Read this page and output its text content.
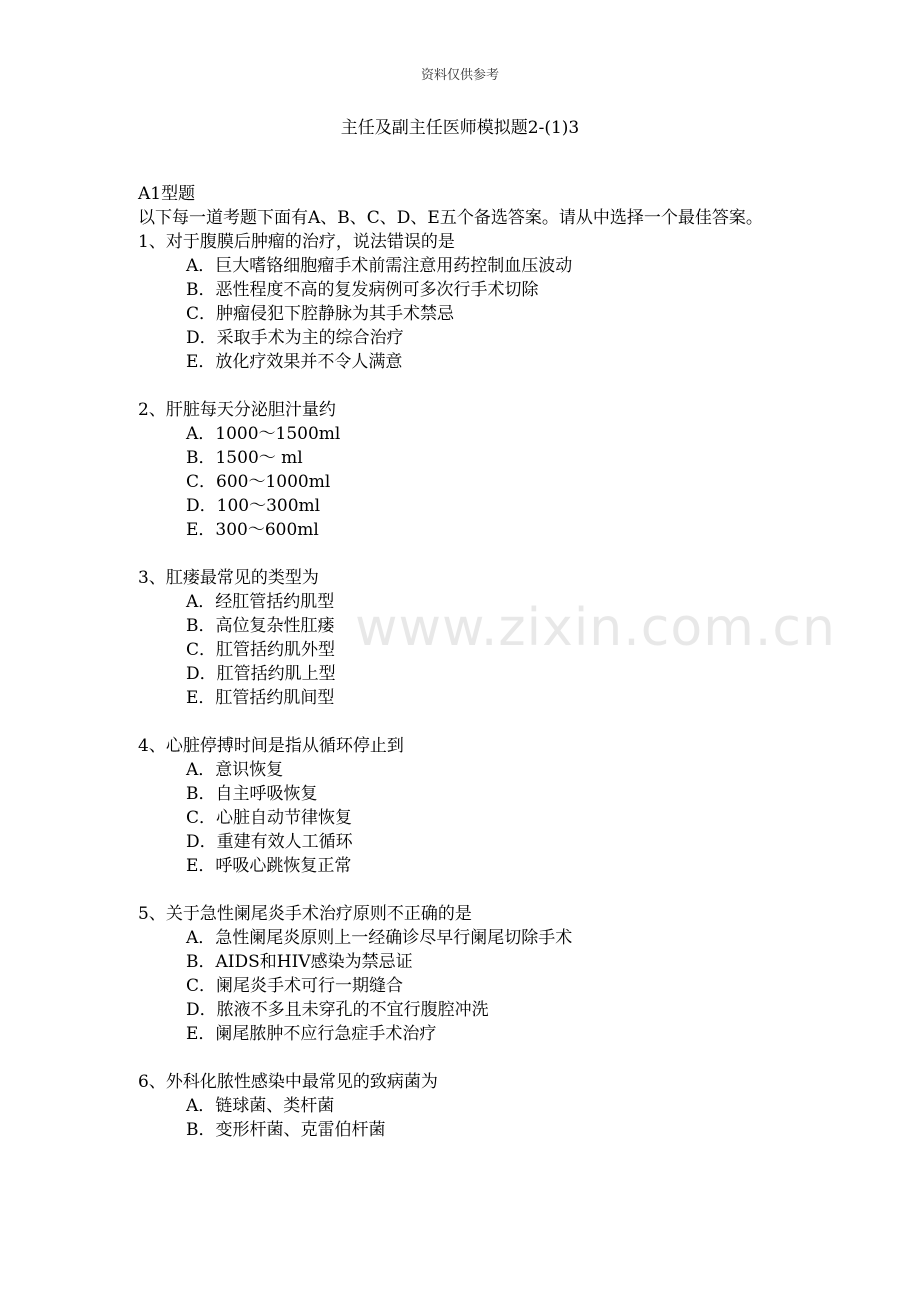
资料仅供参考
主任及副主任医师模拟题2-(1)3

A1型题

以下每一道考题下面有A、B、C、D、E五个备选答案。请从中选择一个最佳答案。

1、对于腹膜后肿瘤的治疗，说法错误的是

A．巨大嗜铬细胞瘤手术前需注意用药控制血压波动

B．恶性程度不高的复发病例可多次行手术切除

C．肿瘤侵犯下腔静脉为其手术禁忌

D．采取手术为主的综合治疗

E．放化疗效果并不令人满意

2、肝脏每天分泌胆汁量约

A．1000～1500ml

B．1500～ ml

C．600～1000ml

D．100～300ml

E．300～600ml

3、肛瘘最常见的类型为

A．经肛管括约肌型

B．高位复杂性肛瘘

C．肛管括约肌外型

D．肛管括约肌上型

E．肛管括约肌间型

4、心脏停搏时间是指从循环停止到

A．意识恢复

B．自主呼吸恢复

C．心脏自动节律恢复

D．重建有效人工循环

E．呼吸心跳恢复正常

5、关于急性阑尾炎手术治疗原则不正确的是

A．急性阑尾炎原则上一经确诊尽早行阑尾切除手术

B．AIDS和HIV感染为禁忌证

C．阑尾炎手术可行一期缝合

D．脓液不多且未穿孔的不宜行腹腔冲洗

E．阑尾脓肿不应行急症手术治疗

6、外科化脓性感染中最常见的致病菌为

A．链球菌、类杆菌

B．变形杆菌、克雷伯杆菌

www.zixin.com.cn
